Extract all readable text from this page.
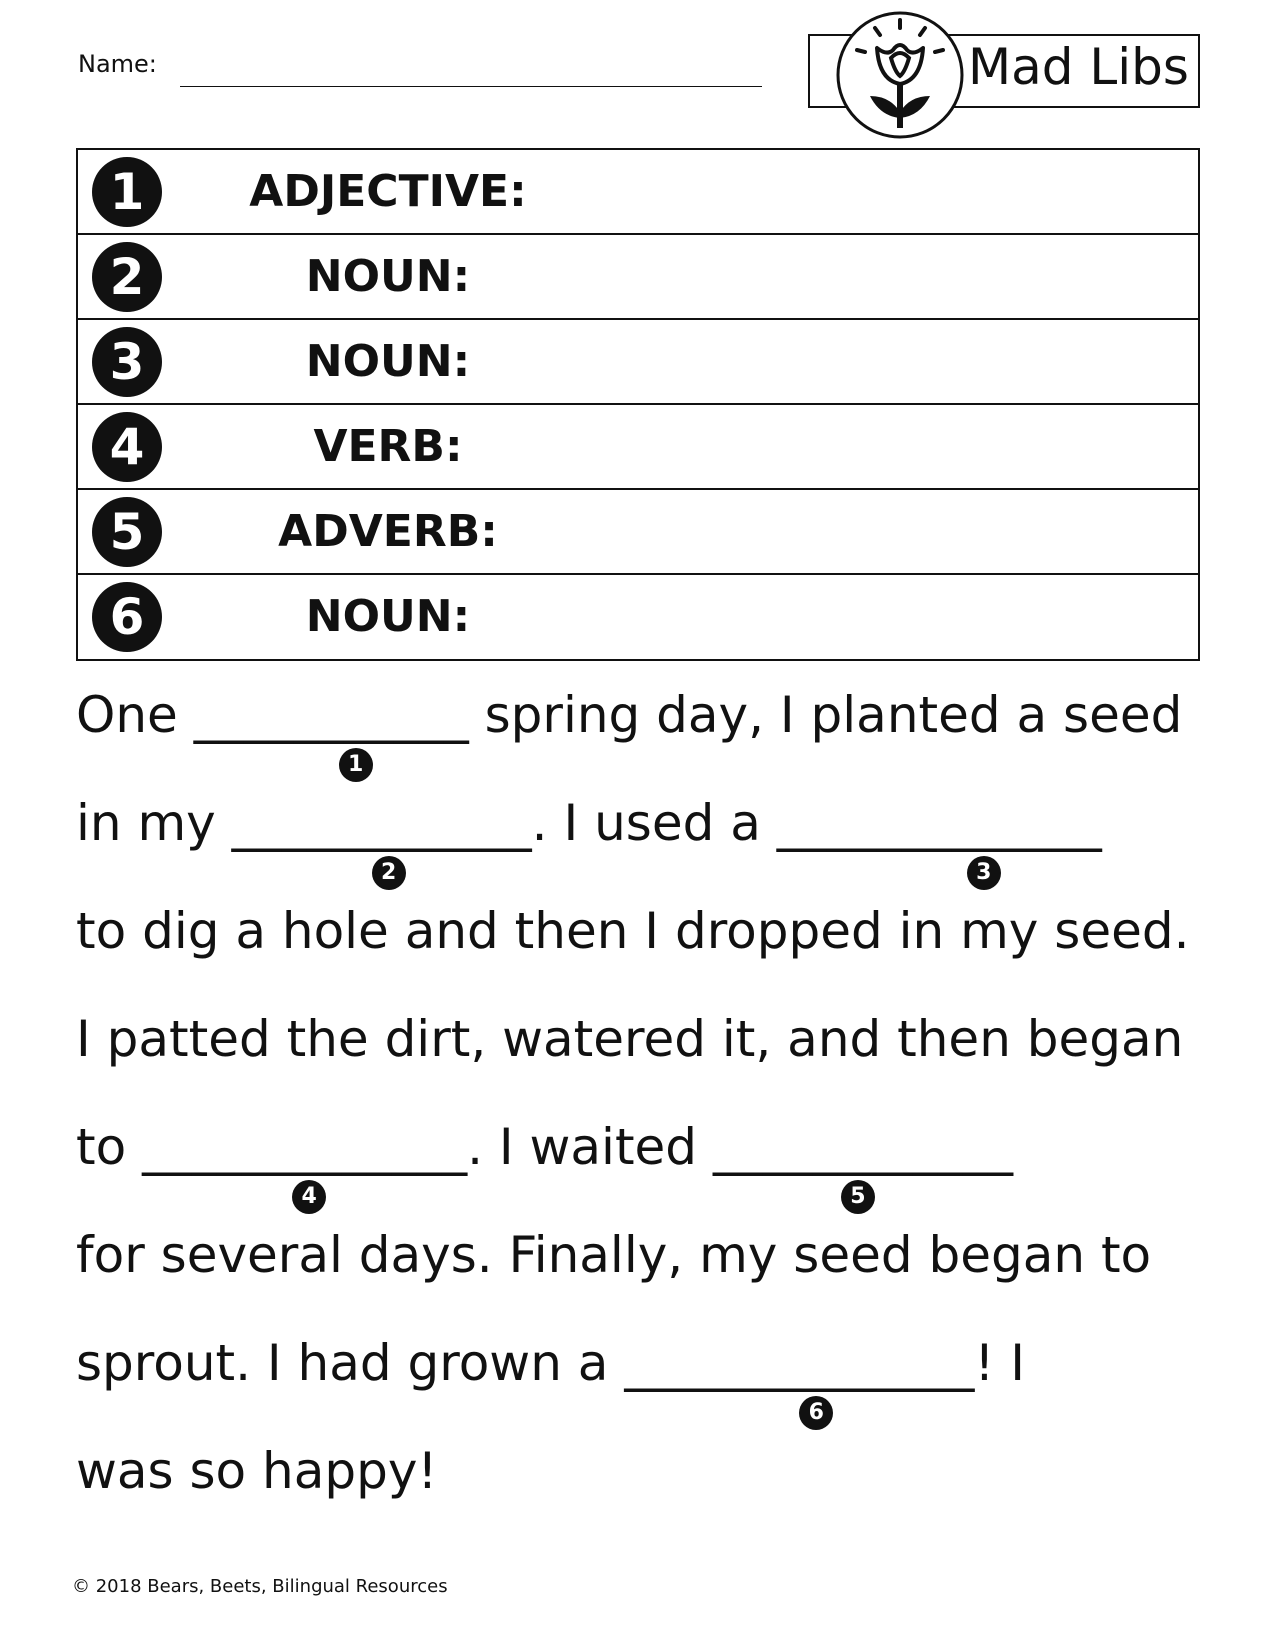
Name:	Mad Libs
1	ADJECTIVE:
2	NOUN:
3	NOUN:
4	VERB:
5	ADVERB:
6	NOUN:
One ___________
1
spring day, I planted a seed
in my ____________
2
. I used a _____________
3
to dig a hole and then I dropped in my seed.
I patted the dirt, watered it, and then began
to _____________
4
. I waited ____________
5
for several days. Finally, my seed began to
sprout. I had grown a ______________
6
! I
was so happy!
© 2018 Bears, Beets, Bilingual Resources
